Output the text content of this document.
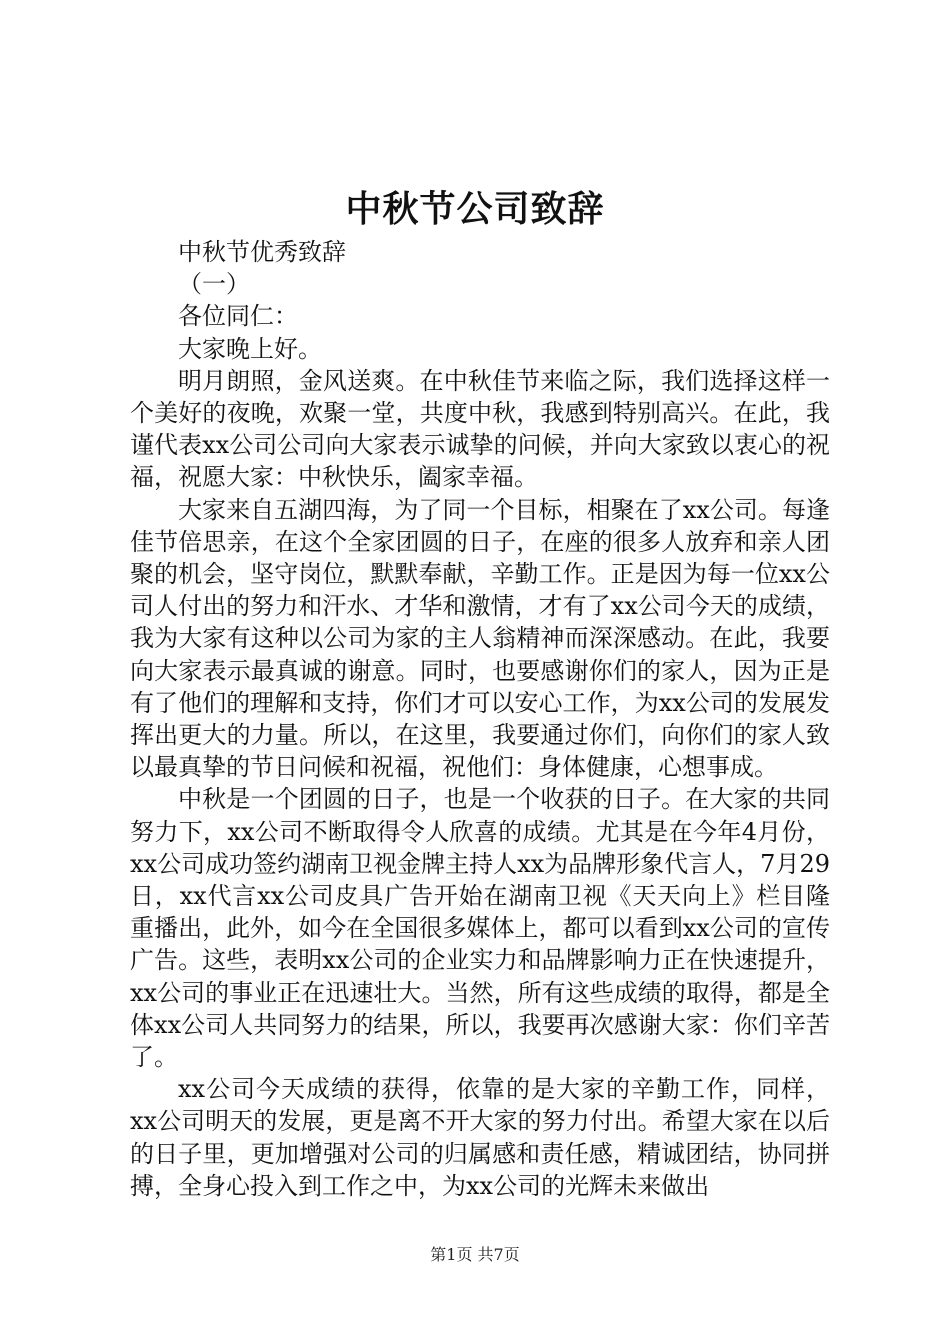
中秋节公司致辞

中秋节优秀致辞

（一）

各位同仁：

大家晚上好。

明月朗照，金风送爽。在中秋佳节来临之际，我们选择这样一个美好的夜晚，欢聚一堂，共度中秋，我感到特别高兴。在此，我谨代表xx公司公司向大家表示诚挚的问候，并向大家致以衷心的祝福，祝愿大家：中秋快乐，阖家幸福。

大家来自五湖四海，为了同一个目标，相聚在了xx公司。每逢佳节倍思亲，在这个全家团圆的日子，在座的很多人放弃和亲人团聚的机会，坚守岗位，默默奉献，辛勤工作。正是因为每一位xx公司人付出的努力和汗水、才华和激情，才有了xx公司今天的成绩，我为大家有这种以公司为家的主人翁精神而深深感动。在此，我要向大家表示最真诚的谢意。同时，也要感谢你们的家人，因为正是有了他们的理解和支持，你们才可以安心工作，为xx公司的发展发挥出更大的力量。所以，在这里，我要通过你们，向你们的家人致以最真挚的节日问候和祝福，祝他们：身体健康，心想事成。

中秋是一个团圆的日子，也是一个收获的日子。在大家的共同努力下，xx公司不断取得令人欣喜的成绩。尤其是在今年4月份，xx公司成功签约湖南卫视金牌主持人xx为品牌形象代言人，7月29日，xx代言xx公司皮具广告开始在湖南卫视《天天向上》栏目隆重播出，此外，如今在全国很多媒体上，都可以看到xx公司的宣传广告。这些，表明xx公司的企业实力和品牌影响力正在快速提升，xx公司的事业正在迅速壮大。当然，所有这些成绩的取得，都是全体xx公司人共同努力的结果，所以，我要再次感谢大家：你们辛苦了。

xx公司今天成绩的获得，依靠的是大家的辛勤工作，同样，xx公司明天的发展，更是离不开大家的努力付出。希望大家在以后的日子里，更加增强对公司的归属感和责任感，精诚团结，协同拼搏，全身心投入到工作之中，为xx公司的光辉未来做出

第1页 共7页
